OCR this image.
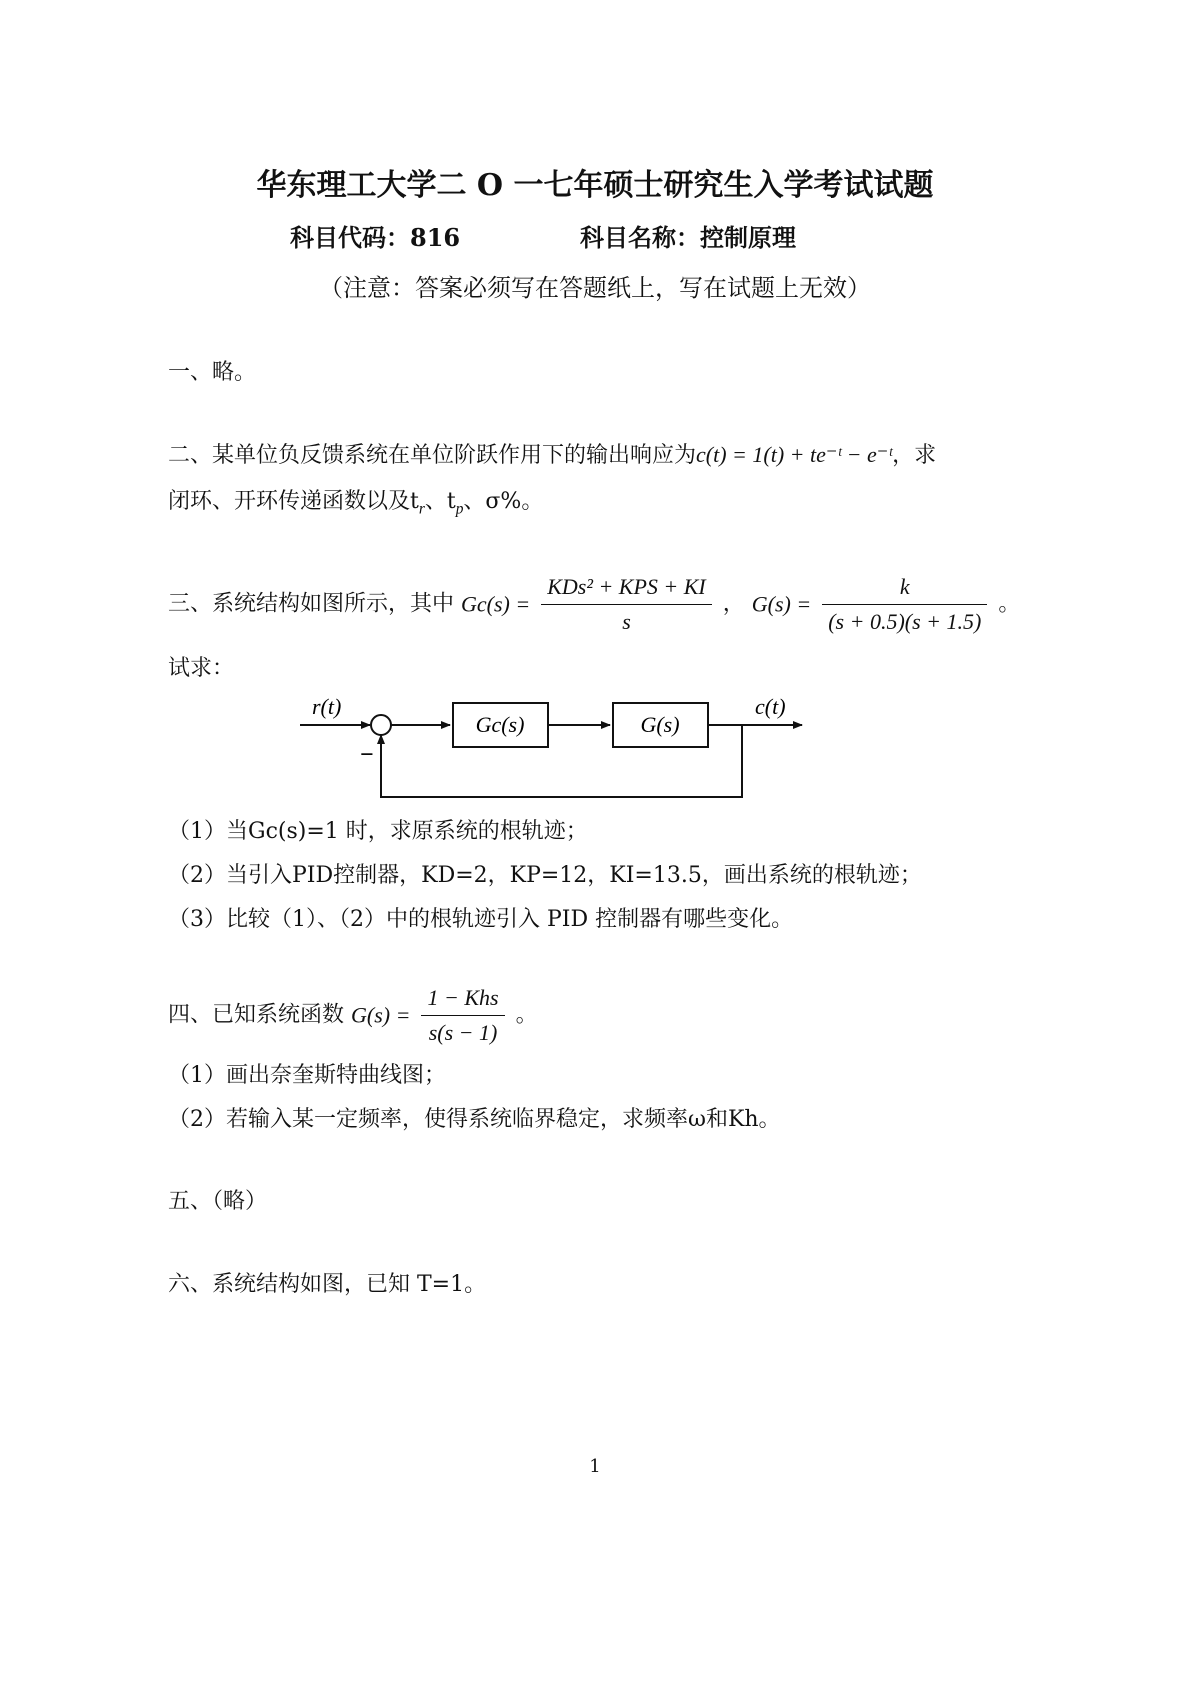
华东理工大学二 O 一七年硕士研究生入学考试试题
科目代码：816	科目名称：控制原理
（注意：答案必须写在答题纸上，写在试题上无效）
一、略。
二、某单位负反馈系统在单位阶跃作用下的输出响应为c(t) = 1(t) + te⁻ᵗ − e⁻ᵗ，求
闭环、开环传递函数以及$t_r$、$t_p$、σ%。
三、系统结构如图所示，其中 $Gc(s) = \frac{\text{KDs² + KPS + KI}}{s}$ ， $G(s) = \frac{k}{(s + 0.5)(s + 1.5)}$ 。
试求：
r(t)
−
Gc(s)	G(s)
c(t)
（1）当Gc(s)=1 时，求原系统的根轨迹；
（2）当引入PID控制器，KD=2，KP=12，KI=13.5，画出系统的根轨迹；
（3）比较（1）、（2）中的根轨迹引入 PID 控制器有哪些变化。
四、已知系统函数 $G(s) = \frac{\text{1 − Khs}}{s(s - 1)}$ 。
（1）画出奈奎斯特曲线图；
（2）若输入某一定频率，使得系统临界稳定，求频率ω和Kh。
五、（略）
六、系统结构如图，已知 T=1。
1
